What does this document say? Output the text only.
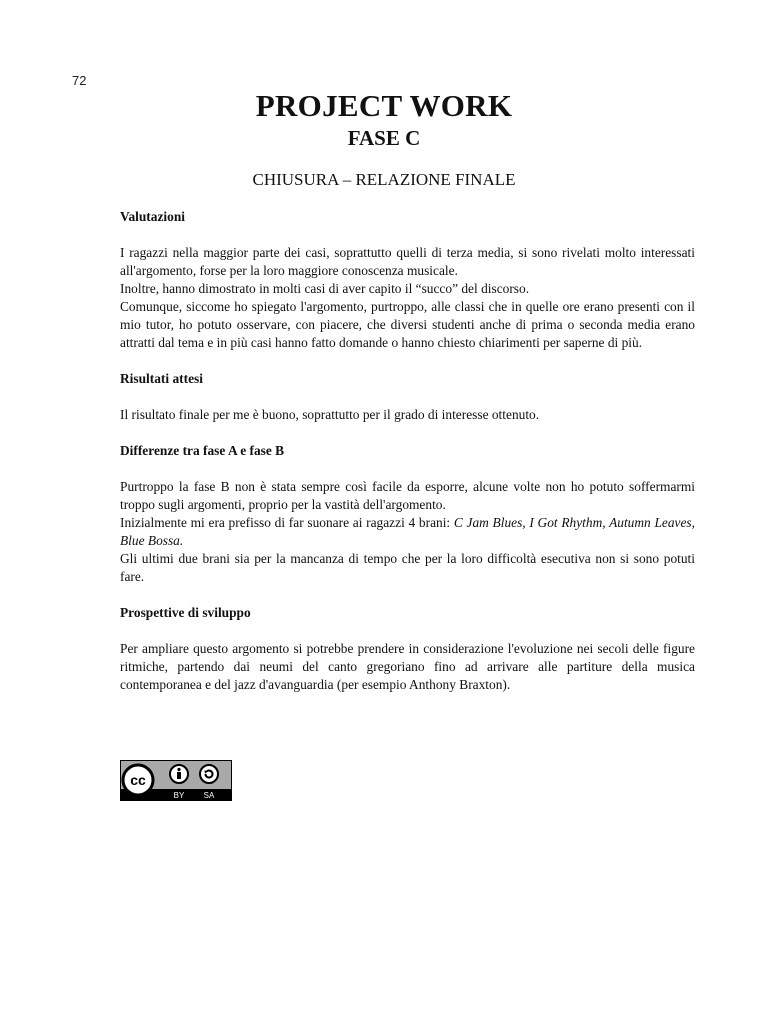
72
PROJECT WORK
FASE C
CHIUSURA – RELAZIONE FINALE

Valutazioni

I ragazzi nella maggior parte dei casi, soprattutto quelli di terza media, si sono rivelati molto interessati all'argomento, forse per la loro maggiore conoscenza musicale.

Inoltre, hanno dimostrato in molti casi di aver capito il “succo” del discorso.

Comunque, siccome ho spiegato l'argomento, purtroppo, alle classi che in quelle ore erano presenti con il mio tutor, ho potuto osservare, con piacere, che diversi studenti anche di prima o seconda media erano attratti dal tema e in più casi hanno fatto domande o hanno chiesto chiarimenti per saperne di più.

Risultati attesi

Il risultato finale per me è buono, soprattutto per il grado di interesse ottenuto.

Differenze tra fase A e fase B

Purtroppo la fase B non è stata sempre così facile da esporre, alcune volte non ho potuto soffermarmi troppo sugli argomenti, proprio per la vastità dell'argomento.

Inizialmente mi era prefisso di far suonare ai ragazzi 4 brani: C Jam Blues, I Got Rhythm, Autumn Leaves, Blue Bossa.

Gli ultimi due brani sia per la mancanza di tempo che per la loro difficoltà esecutiva non si sono potuti fare.

Prospettive di sviluppo

Per ampliare questo argomento si potrebbe prendere in considerazione l'evoluzione nei secoli delle figure ritmiche, partendo dai neumi del canto gregoriano fino ad arrivare alle partiture della musica contemporanea e del jazz d'avanguardia (per esempio Anthony Braxton).

cc
BY SA
